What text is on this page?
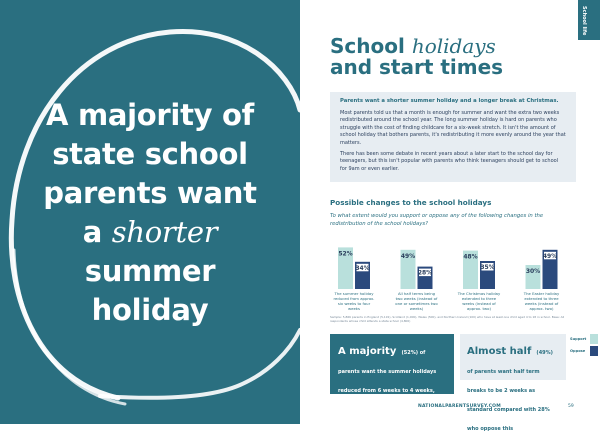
A majority of
state school
parents want
a shorter
summer
holiday
School life
School holidays
and start times
Parents want a shorter summer holiday and a longer break at Christmas.

Most parents told us that a month is enough for summer and want the extra two weeks redistributed around the school year. The long summer holiday is hard on parents who struggle with the cost of finding childcare for a six-week stretch. It isn't the amount of school holiday that bothers parents, it's redistributing it more evenly around the year that matters.

There has been some debate in recent years about a later start to the school day for teenagers, but this isn't popular with parents who think teenagers should get to school for 9am or even earlier.

Possible changes to the school holidays
To what extent would you support or oppose any of the following changes in the redistribution of the school holidays?
52%
34%
The summer holiday reduced from approx. six weeks to four weeks
49%
28%
All half terms being two weeks (instead of one or sometimes two weeks)
48%
35%
The Christmas holiday extended to three weeks (instead of approx. two)
30%
49%
The Easter holiday extended to three weeks (instead of approx. two)
Sample: 5,866 parents in England (5,191), Scotland (1,000), Wales (500), and Northern Ireland (100) who have at least one child aged 4 to 18 in school. Base: All respondents whose child attends a state school (4,800)
A majority (52%) of parents want the summer holidays reduced from 6 weeks to 4 weeks, just 1 in 3 (34%) oppose this
Almost half (49%) of parents want half term breaks to be 2 weeks as standard compared with 28% who oppose this
Support
Oppose
NATIONALPARENTSURVEY.COM	59
